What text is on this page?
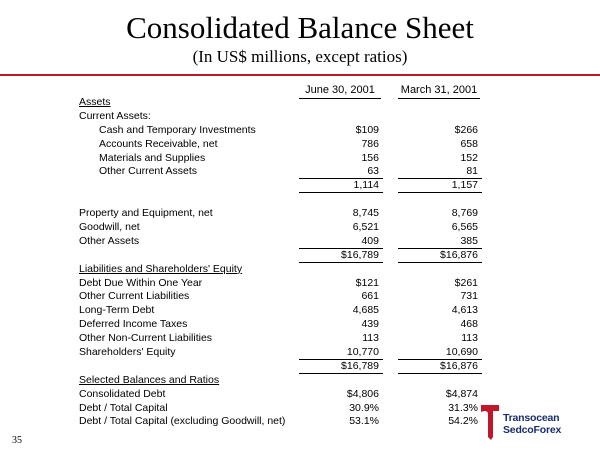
Consolidated Balance Sheet
(In US$ millions, except ratios)
June 30, 2001	March 31, 2001
Assets
Current Assets:
Cash and Temporary Investments	$109	$266
Accounts Receivable, net	786	658
Materials and Supplies	156	152
Other Current Assets	63	81
1,114	1,157
Property and Equipment, net	8,745	8,769
Goodwill, net	6,521	6,565
Other Assets	409	385
$16,789	$16,876
Liabilities and Shareholders' Equity
Debt Due Within One Year	$121	$261
Other Current Liabilities	661	731
Long-Term Debt	4,685	4,613
Deferred Income Taxes	439	468
Other Non-Current Liabilities	113	113
Shareholders' Equity	10,770	10,690
$16,789	$16,876
Selected Balances and Ratios
Consolidated Debt	$4,806	$4,874
Debt / Total Capital	30.9%	31.3%
Debt / Total Capital (excluding Goodwill, net)	53.1%	54.2%
35
Transocean
SedcoForex
